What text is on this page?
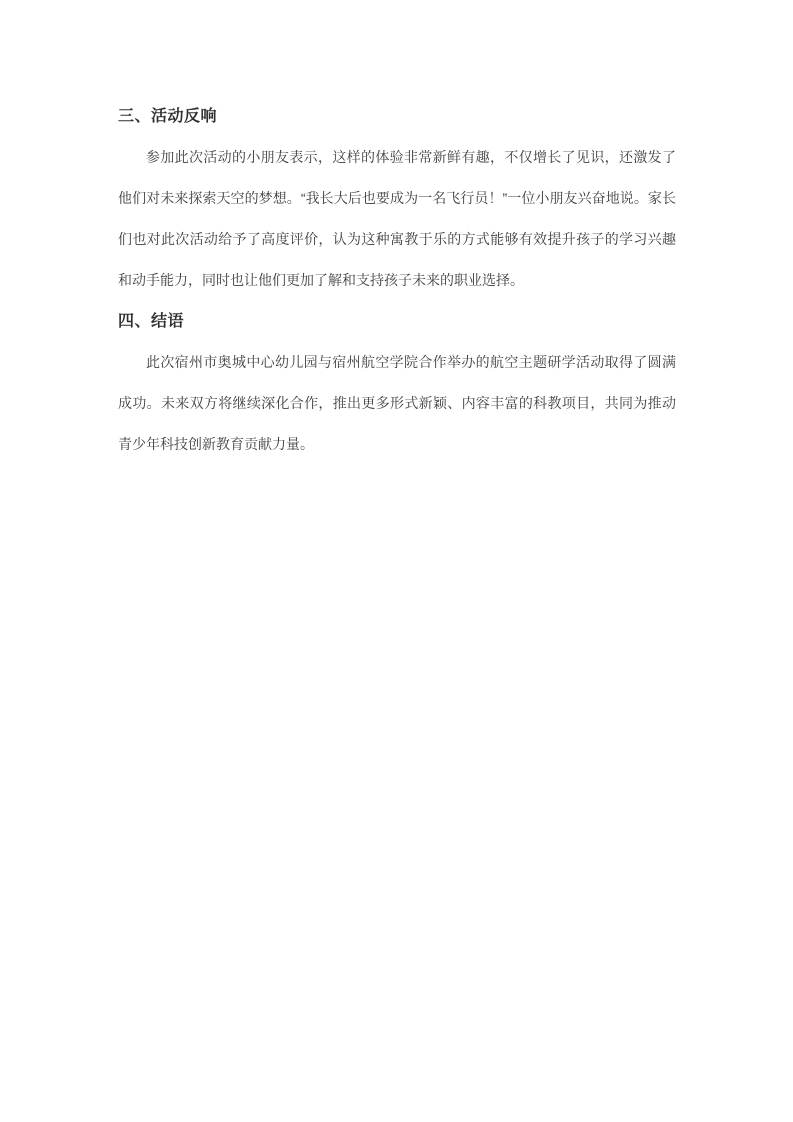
三、活动反响

参加此次活动的小朋友表示，这样的体验非常新鲜有趣，不仅增长了见识，还激发了他们对未来探索天空的梦想。“我长大后也要成为一名飞行员！”一位小朋友兴奋地说。家长们也对此次活动给予了高度评价，认为这种寓教于乐的方式能够有效提升孩子的学习兴趣和动手能力，同时也让他们更加了解和支持孩子未来的职业选择。

四、结语

此次宿州市奥城中心幼儿园与宿州航空学院合作举办的航空主题研学活动取得了圆满成功。未来双方将继续深化合作，推出更多形式新颖、内容丰富的科教项目，共同为推动青少年科技创新教育贡献力量。
